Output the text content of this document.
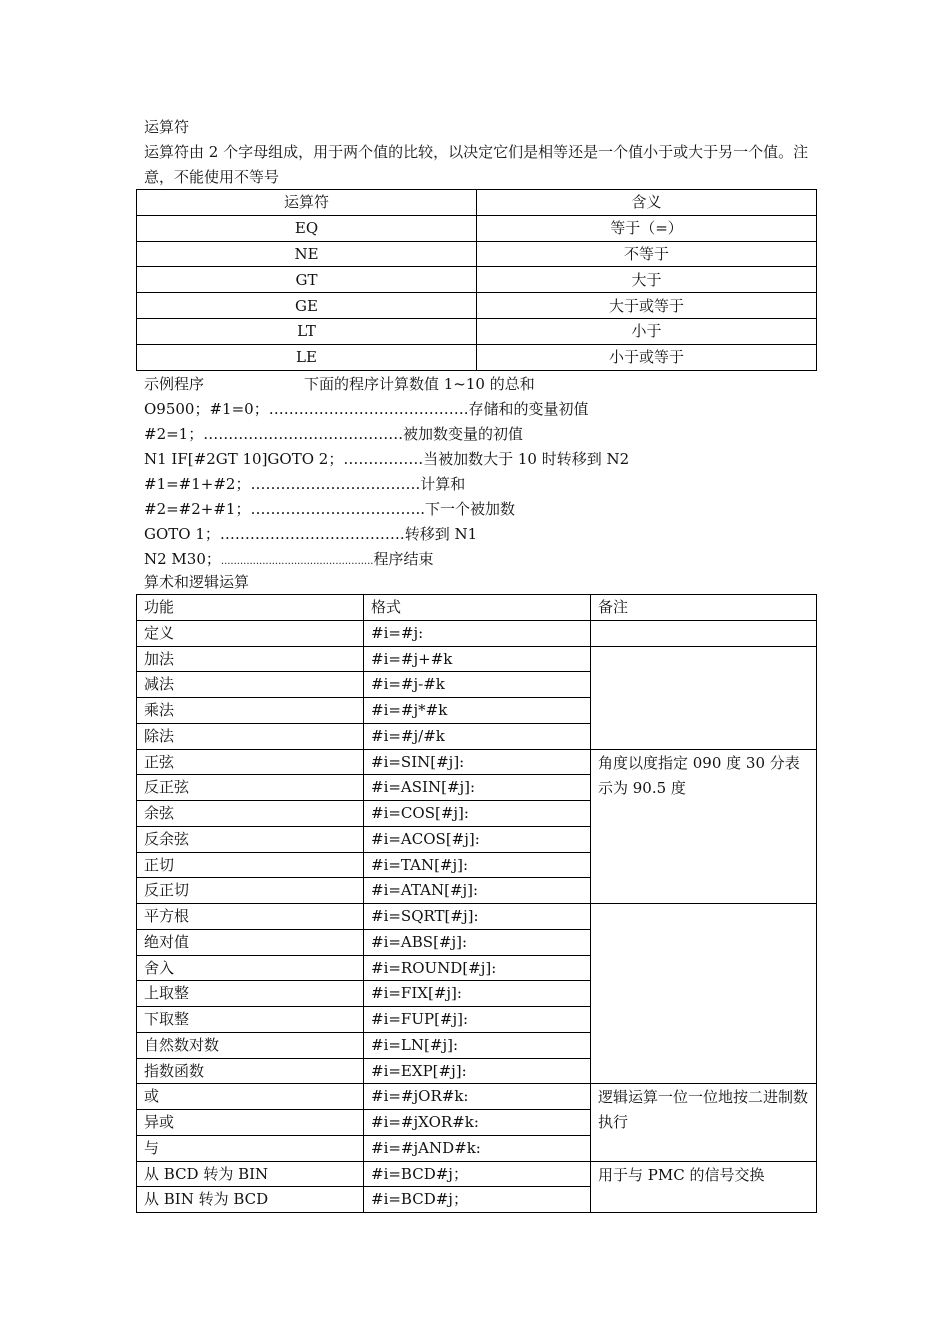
运算符
运算符由 2 个字母组成，用于两个值的比较，以决定它们是相等还是一个值小于或大于另一个值。注意，不能使用不等号
运算符	含义
EQ	等于（=）
NE	不等于
GT	大于
GE	大于或等于
LT	小于
LE	小于或等于
示例程序	下面的程序计算数值 1~10 的总和
O9500；#1=0；………………………………….存储和的变量初值
#2=1；………………………………….被加数变量的初值
N1 IF[#2GT 10]GOTO 2；…………….当被加数大于 10 时转移到 N2
#1=#1+#2；…………………………….计算和
#2=#2+#1；……………………………..下一个被加数
GOTO 1；……………………………….转移到 N1
N2 M30；................................................程序结束
算术和逻辑运算
功能	格式	备注
定义	#i=#j:	
加法	#i=#j+#k	
减法	#i=#j-#k	
乘法	#i=#j*#k	
除法	#i=#j/#k	
正弦	#i=SIN[#j]:	角度以度指定 090 度 30 分表示为 90.5 度
反正弦	#i=ASIN[#j]:	
余弦	#i=COS[#j]:	
反余弦	#i=ACOS[#j]:	
正切	#i=TAN[#j]:	
反正切	#i=ATAN[#j]:	
平方根	#i=SQRT[#j]:	
绝对值	#i=ABS[#j]:	
舍入	#i=ROUND[#j]:	
上取整	#i=FIX[#j]:	
下取整	#i=FUP[#j]:	
自然数对数	#i=LN[#j]:	
指数函数	#i=EXP[#j]:	
或	#i=#jOR#k:	逻辑运算一位一位地按二进制数执行
异或	#i=#jXOR#k:	
与	#i=#jAND#k:	
从 BCD 转为 BIN	#i=BCD#j；	用于与 PMC 的信号交换
从 BIN 转为 BCD	#i=BCD#j；	
